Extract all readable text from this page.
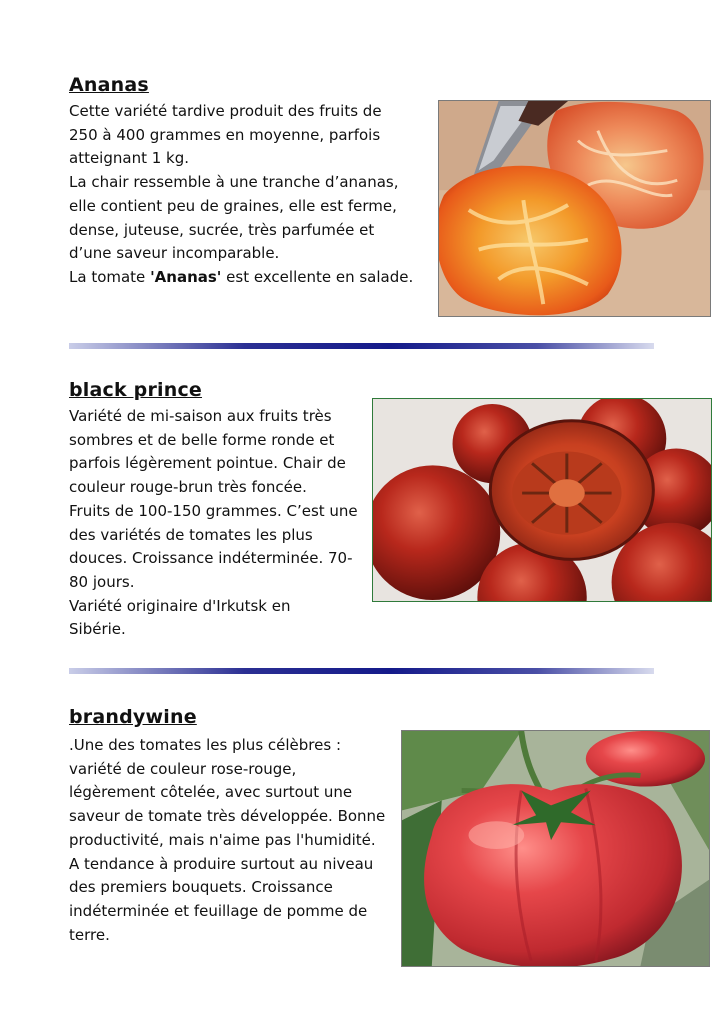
Ananas
Cette variété tardive produit des fruits de
250 à 400 grammes en moyenne, parfois
atteignant 1 kg.
La chair ressemble à une tranche d’ananas,
elle contient peu de graines, elle est ferme,
dense, juteuse, sucrée, très parfumée et
d’une saveur incomparable.
La tomate 'Ananas' est excellente en salade.
black prince
Variété de mi-saison aux fruits très
sombres et de belle forme ronde et
parfois légèrement pointue. Chair de
couleur rouge-brun très foncée.
Fruits de 100-150 grammes. C’est une
des variétés de tomates les plus
douces. Croissance indéterminée. 70-
80 jours.
Variété originaire d'Irkutsk en
Sibérie.
brandywine
.Une des tomates les plus célèbres :
variété de couleur rose-rouge,
légèrement côtelée, avec surtout une
saveur de tomate très développée. Bonne
productivité, mais n'aime pas l'humidité.
A tendance à produire surtout au niveau
des premiers bouquets. Croissance
indéterminée et feuillage de pomme de
terre.
